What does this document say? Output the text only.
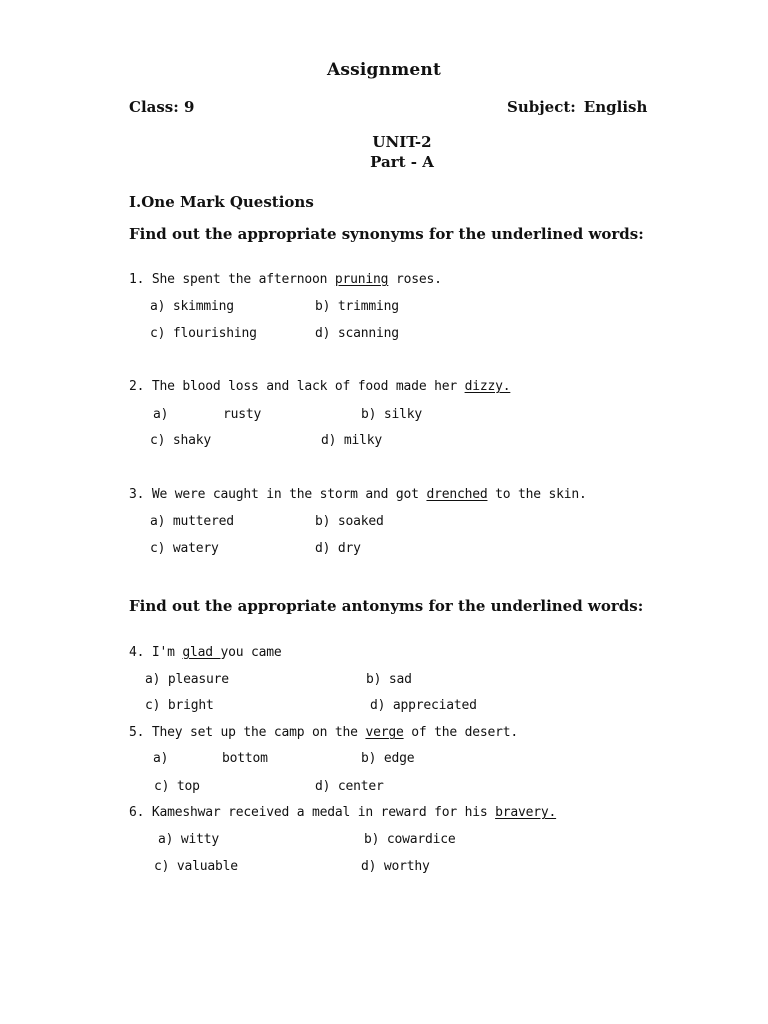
Assignment
Class: 9	Subject: English
UNIT-2
Part - A
I.One Mark Questions
Find out the appropriate synonyms for the underlined words:
1. She spent the afternoon pruning roses.
a) skimming	b) trimming
c) flourishing	d) scanning
2. The blood loss and lack of food made her dizzy.
a)	rusty	b) silky
c) shaky	d) milky
3. We were caught in the storm and got drenched to the skin.
a) muttered	b) soaked
c) watery	d) dry
Find out the appropriate antonyms for the underlined words:
4. I'm glad you came
a) pleasure	b) sad
c) bright	d) appreciated
5. They set up the camp on the verge of the desert.
a)	bottom	b) edge
c) top	d) center
6. Kameshwar received a medal in reward for his bravery.
a) witty	b) cowardice
c) valuable	d) worthy
